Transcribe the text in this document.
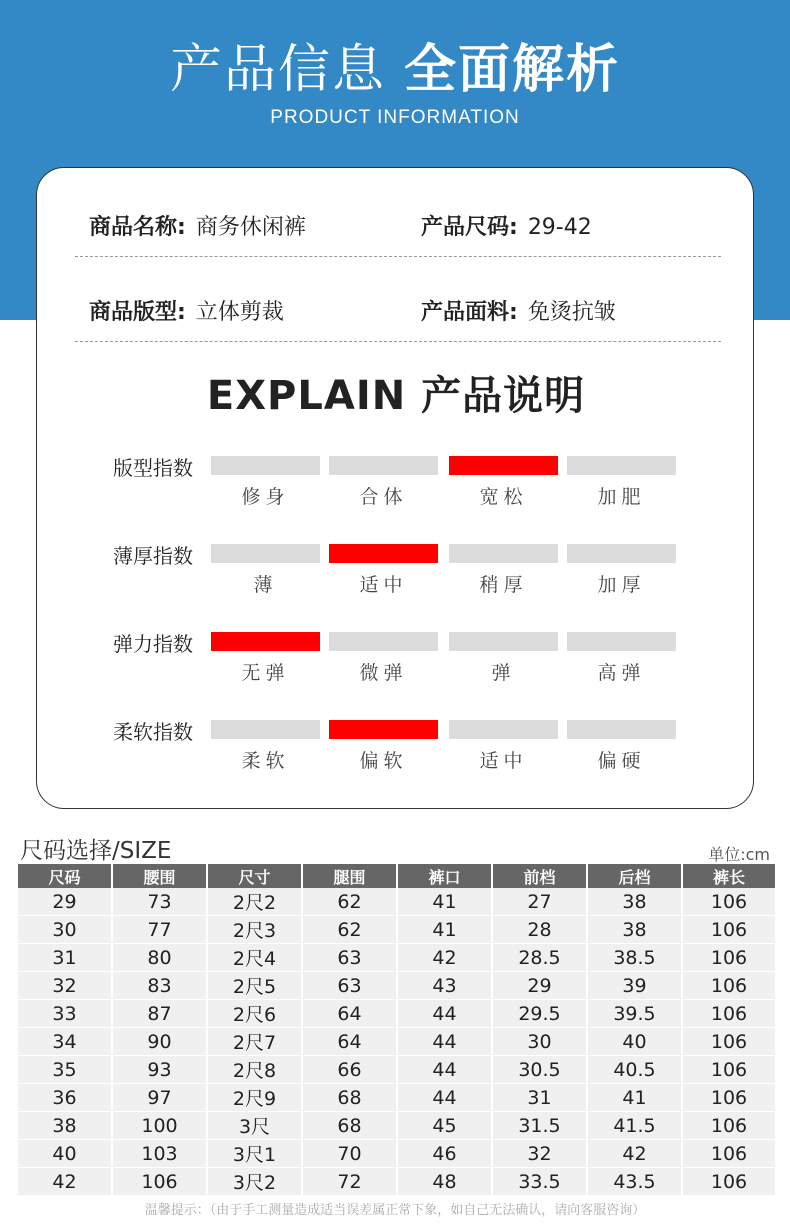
产品信息 全面解析
PRODUCT INFORMATION
商品名称: 商务休闲裤	产品尺码: 29-42
商品版型: 立体剪裁	产品面料: 免烫抗皱
EXPLAIN 产品说明
版型指数
修身	合体	宽松	加肥
薄厚指数
薄	适中	稍厚	加厚
弹力指数
无弹	微弹	弹	高弹
柔软指数
柔软	偏软	适中	偏硬
尺码选择/SIZE	单位:cm
尺码	腰围	尺寸	腿围	裤口	前档	后档	裤长
29	73	2尺2	62	41	27	38	106
30	77	2尺3	62	41	28	38	106
31	80	2尺4	63	42	28.5	38.5	106
32	83	2尺5	63	43	29	39	106
33	87	2尺6	64	44	29.5	39.5	106
34	90	2尺7	64	44	30	40	106
35	93	2尺8	66	44	30.5	40.5	106
36	97	2尺9	68	44	31	41	106
38	100	3尺	68	45	31.5	41.5	106
40	103	3尺1	70	46	32	42	106
42	106	3尺2	72	48	33.5	43.5	106
温馨提示：（由于手工测量造成适当误差属正常下象，如自己无法确认，请向客服咨询）
